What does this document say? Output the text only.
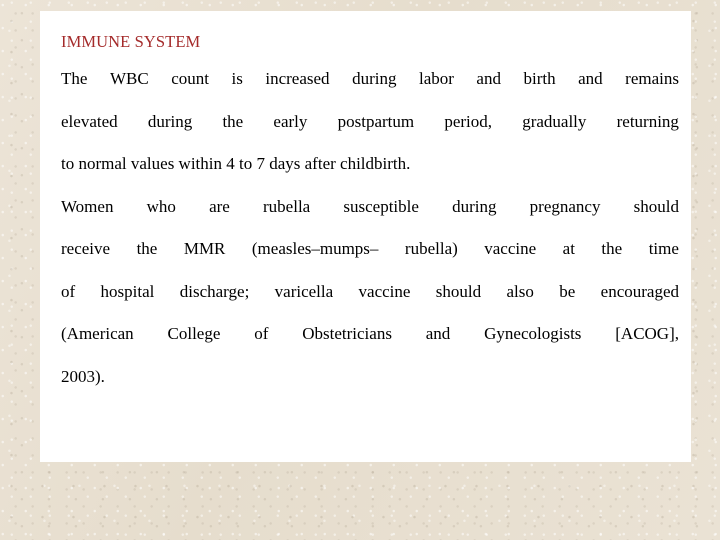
IMMUNE SYSTEM
The WBC count is increased during labor and birth and remains
elevated during the early postpartum period, gradually returning
to normal values within 4 to 7 days after childbirth.
Women who are rubella susceptible during pregnancy should
receive the MMR (measles–mumps– rubella) vaccine at the time
of hospital discharge; varicella vaccine should also be encouraged
(American College of Obstetricians and Gynecologists [ACOG],
2003).
